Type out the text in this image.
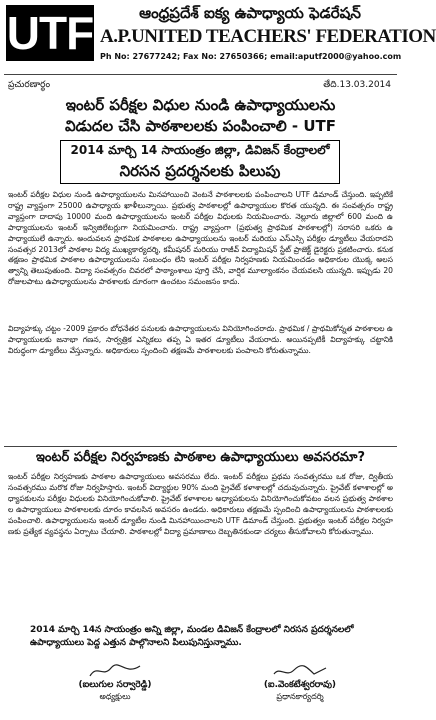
UTF	ఆంధ్రప్రదేశ్ ఐక్య ఉపాధ్యాయ ఫెడరేషన్
A.P.UNITED TEACHERS' FEDERATION
Ph No: 27677242; Fax No: 27650366; email:aputf2000@yahoo.com
ప్రచురణార్థం	తేది.13.03.2014
ఇంటర్ పరీక్షల విధుల నుండి ఉపాధ్యాయులను
విడుదల చేసి పాఠశాలలకు పంపించాలి - UTF
2014 మార్చి 14 సాయంత్రం జిల్లా, డివిజన్ కేంద్రాలలో
నిరసన ప్రదర్శనలకు పిలుపు
ఇంటర్ పరీక్షల విధుల నుండి ఉపాధ్యాయులను మినహాయించి వెంటనే పాఠశాలలకు పంపించాలని UTF డిమాండ్ చేస్తుంది. ఇప్పటికే రాష్ట్ర వ్యాప్తంగా 25000 ఉపాధ్యాయ ఖాళీలున్నాయి. ప్రభుత్వ పాఠశాలల్లో ఉపాధ్యాయుల కొరత యున్నది. ఈ సంవత్సరం రాష్ట్ర వ్యాప్తంగా దాదాపు 10000 మంది ఉపాధ్యాయులను ఇంటర్ పరీక్షల విధులకు నియమించారు. నెల్లూరు జిల్లాలో 600 మంది ఉపాధ్యాయులను ఇంటర్ ఇన్విజిలేటర్లుగా నియమించారు. రాష్ట్ర వ్యాప్తంగా (ప్రభుత్వ ప్రాథమిక పాఠశాలల్లో) సరాసరి ఒకరు ఉపాధ్యాయులే ఉన్నారు. అందువలన ప్రాథమిక పాఠశాలల ఉపాధ్యాయులను ఇంటర్ మరియు ఎస్ఎస్సి పరీక్షల డ్యూటీలు వేయరాదని సంవత్సర 2013లో పాఠశాల విద్య ముఖ్యకార్యదర్శి, కమీషనర్ మరియు రాజీవ్ విద్యామిషన్ స్టేట్ ప్రాజెక్ట్ డైరెక్టరు ప్రకటించారు. కనుక తక్షణం ప్రాథమిక పాఠశాల ఉపాధ్యాయులను సంబంధం లేని ఇంటర్ పరీక్షల నిర్వహణకు నియమించడం అధికారుల యొక్క అలసత్వాన్ని తెలుపుతుంది. విద్యా సంవత్సరం చివరలో పాఠ్యాంశాలు పూర్తి చేసే, వార్షిక మూల్యాంకనం చేయవలసి యున్నది. ఇప్పుడు 20 రోజులపాటు ఉపాధ్యాయులను పాఠశాలకు దూరంగా ఉంచటం సమంజసం కాదు.
విద్యాహక్కు చట్టం -2009 ప్రకారం బోధనేతర పనులకు ఉపాధ్యాయులను వినియోగించరాదు. ప్రాథమిక / ప్రాథమికోన్నత పాఠశాలల ఉపాధ్యాయులకు జనాభా గణన, సార్వత్రిక ఎన్నికలు తప్ప ఏ ఇతర డ్యూటీలు వేయరాదు. అయినప్పటికీ విద్యాహక్కు చట్టానికి విరుద్ధంగా డ్యూటీలు వేస్తున్నారు. అధికారులు స్పందించి తక్షణమే పాఠశాలలకు పంపాలని కోరుతున్నాము.
ఇంటర్ పరీక్షల నిర్వహణకు పాఠశాల ఉపాధ్యాయులు అవసరమా?
ఇంటర్ పరీక్షల నిర్వహణకు పాఠశాల ఉపాధ్యాయులు అవసరము లేదు. ఇంటర్ పరీక్షలు ప్రథమ సంవత్సరము ఒక రోజు, ద్వితీయ సంవత్సరము మరొక రోజు నిర్వహిస్తారు. ఇంటర్ విద్యార్థుల 90% మంది ప్రైవేట్ కళాశాలల్లో చదువుచున్నారు. ప్రైవేట్ కళాశాలల్లో అధ్యాపకులను పరీక్షల విధులకు వినియోగించుకోవాలి. ప్రైవేట్ కళాశాలల అధ్యాపకులను వినియోగించుకోవటం వలన ప్రభుత్వ పాఠశాలల ఉపాధ్యాయులు పాఠశాలలకు దూరం కావలసిన అవసరం ఉండదు. అధికారులు తక్షణమే స్పందించి ఉపాధ్యాయులను పాఠశాలలకు పంపించాలి. ఉపాధ్యాయులను ఇంటర్ డ్యూటీల నుండి మినహాయించాలని UTF డిమాండ్ చేస్తుంది. ప్రభుత్వం ఇంటర్ పరీక్షల నిర్వహణకు ప్రత్యేక వ్యవస్థను ఏర్పాటు చేయాలి. పాఠశాలల్లో విద్యా ప్రమాణాలు దెబ్బతినకుండా చర్యలు తీసుకోవాలని కోరుతున్నాము.
2014 మార్చి 14న సాయంత్రం అన్ని జిల్లా, మండల డివిజన్ కేంద్రాలలో నిరసన ప్రదర్శనలలో ఉపాధ్యాయులు పెద్ద ఎత్తున పాల్గొనాలని పిలుపునిస్తున్నాము.
(ఐలుగుల సర్వారెడ్డి)
అధ్యక్షులు
(ఐ.వెంకటేశ్వరరావు)
ప్రధానకార్యదర్శి
